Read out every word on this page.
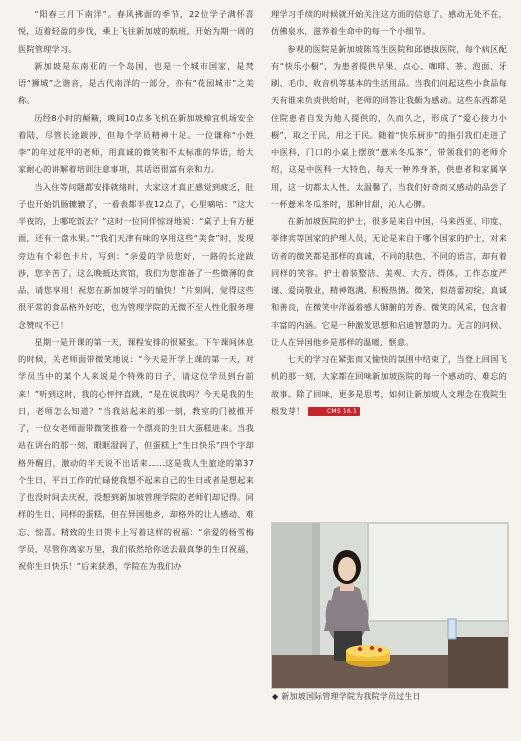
“阳春三月下南洋”。春风拂面的季节，22位学子满怀喜悦，迈着轻盈的步伐，乘上飞往新加坡的航班，开始为期一周的医院管理学习。

新加坡是东南亚的一个岛国，也是一个城市国家，是梵语“狮城”之谐音，是古代南洋的一部分，亦有“花园城市”之美称。

历经8小时的颠簸，晚间10点多飞机在新加坡樟宜机场安全着陆，尽管长途跋涉，但每个学员精神十足。一位谦称“小姓李”的年过花甲的老师，用真诚的微笑和不太标准的华语，给大家耐心的讲解着培训注意事项，其话语很富有亲和力。

当入住等问题都安排就绪时，大家这才真正感觉到疲乏，肚子也开始饥肠辘辘了，一看表都半夜12点了，心里嘀咕：“这大半夜的，上哪吃饭去？”这时一位同伴惊讶地说：“桌子上有方便面，还有一盘水果。”“我们天津有味的享用这些“美食”时，发现旁边有个彩色卡片，写到：“亲爱的学员您好，一路的长途跋涉，您辛苦了，这么晚抵达宾馆，我们为您准备了一些微薄的食品，请您享用！祝您在新加坡学习的愉快！”片刻间，觉得这些很平常的食品格外好吃，也为管理学院的无微不至人性化服务理念赞叹不已！

星期一是开课的第一天，课程安排的很紧张。下午课间休息的时候，关老师面带微笑地说：“今天是开学上课的第一天，对学员当中的某个人来说是个特殊的日子，请这位学员到台前来！”听到这时，我的心怦怦直跳，“是在说我吗？今天是我的生日，老师怎么知道？”当我站起来的那一刻，教室的门被推开了，一位女老师面带微笑推着一个漂亮的生日大蛋糕进来。当我站在讲台的那一刻，眼眶湿润了，但蛋糕上“生日快乐”四个字却格外醒目，激动的半天说不出话来……这是我人生旅途的第37个生日，平日工作的忙碌使我想不起来自己的生日或者是想起来了也没时间去庆祝，没想到新加坡管理学院的老师们却记得。同样的生日，同样的蛋糕，但在异国他乡，却格外的让人感动、难忘、惊喜。精致的生日贺卡上写着这样的祝福：“亲爱的杨雪梅学员，尽管你离家万里，我们依然给你送去最真挚的生日祝福，祝你生日快乐！”后来获悉，学院在为我们办

理学习手续的时候就开始关注这方面的信息了。感动无处不在，仿佛泉水，滋养着生命中的每一个小细节。

参观的医院是新加坡陈笃生医院和邱德拔医院，每个病区配有“快乐小橱”，为患者提供早果、点心、咖啡、茶、泡面、牙刷、毛巾、收音机等基本的生活用品。当我们问起这些小食品每天有谁来负责供给时，老师的回答让我颇为感动。这些东西都是住院患者自发为他人提供的，久而久之，形成了“爱心接力小橱”，取之于民，用之于民。随着“快乐厨步”的指引我们走进了中医科，门口的小桌上摆放“薏米冬瓜茶”，带领我们的老师介绍，这是中医科一大特色，每天一种养身茶，供患者和家属享用，这一切都太人性、太温馨了，当我们好奇而又感动的品尝了一杯薏米冬瓜茶时，那种甘甜，沁人心脾。

在新加坡医院的护士，很多是来自中国，马来西亚、印度、菲律宾等国家的护理人员，无论是来自于哪个国家的护士，对来访者的微笑都是那样的真诚，不同的肤色，不同的语言，却有着同样的笑容。护士着装整洁、美观、大方、得体，工作态度严谨、爱岗敬业，精神饱满、积极热情。微笑，似蓓蕾初绽，真诚和善良，在微笑中洋溢着感人肺腑的芳香。微笑的风采，包含着丰富的内涵。它是一种激发思想和启迪智慧的力。无言的问候、让人在异国他乡是那样的温暖、惬意。

七天的学习在紧张而又愉快的氛围中结束了，当登上回国飞机的那一刻，大家都在回味新加坡医院的每一个感动的、难忘的故事。除了回味，更多是思考，如何让新加坡人文理念在我院生根发芽！	CMS 16.1

◆ 新加坡国际管理学院为我院学员过生日
